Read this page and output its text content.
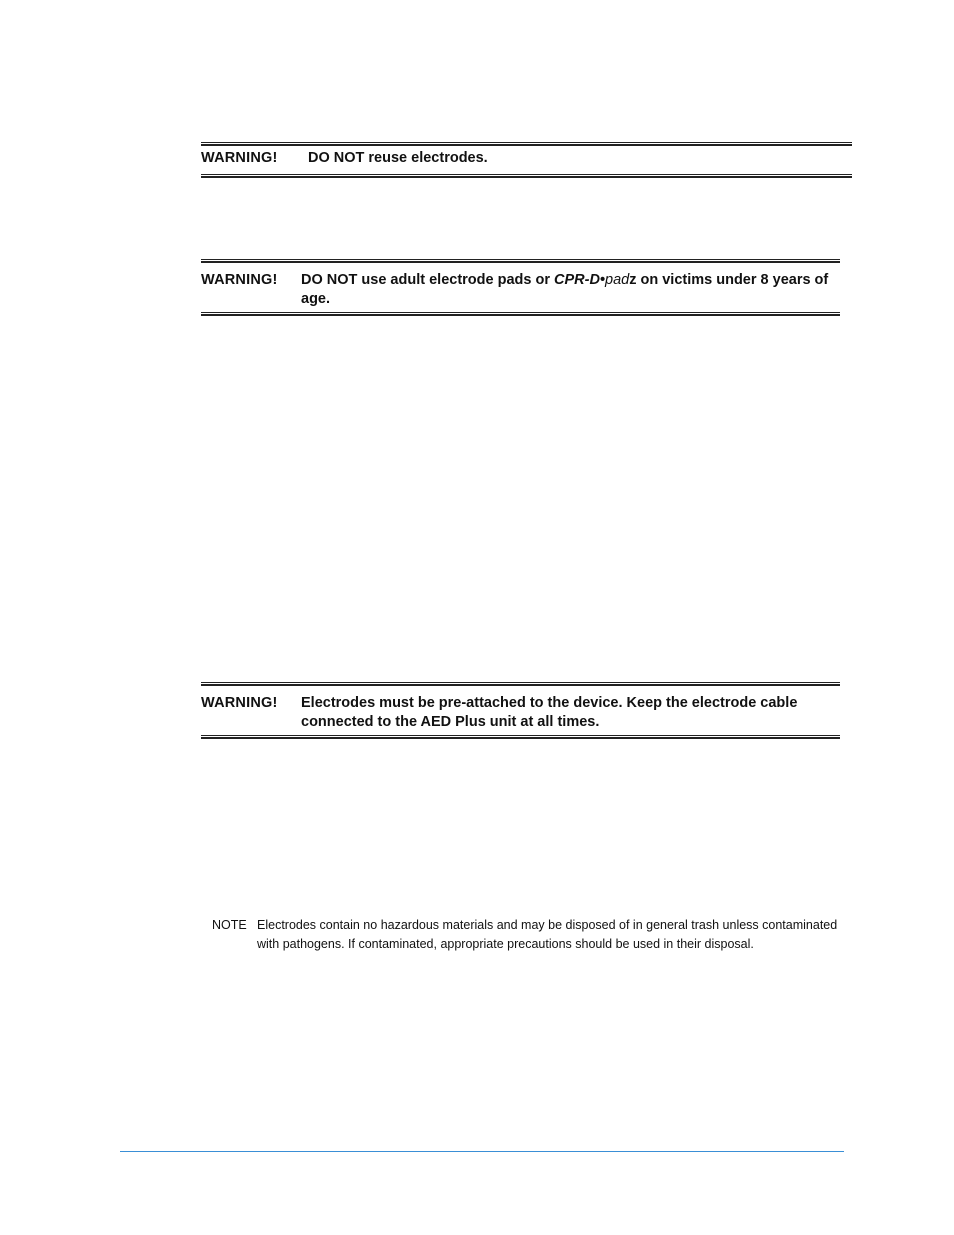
WARNING!	DO NOT reuse electrodes.
WARNING!	DO NOT use adult electrode pads or CPR-D•padz on victims under 8 years of age.
WARNING!	Electrodes must be pre-attached to the device. Keep the electrode cable connected to the AED Plus unit at all times.
NOTE Electrodes contain no hazardous materials and may be disposed of in general trash unless contaminated with pathogens. If contaminated, appropriate precautions should be used in their disposal.
